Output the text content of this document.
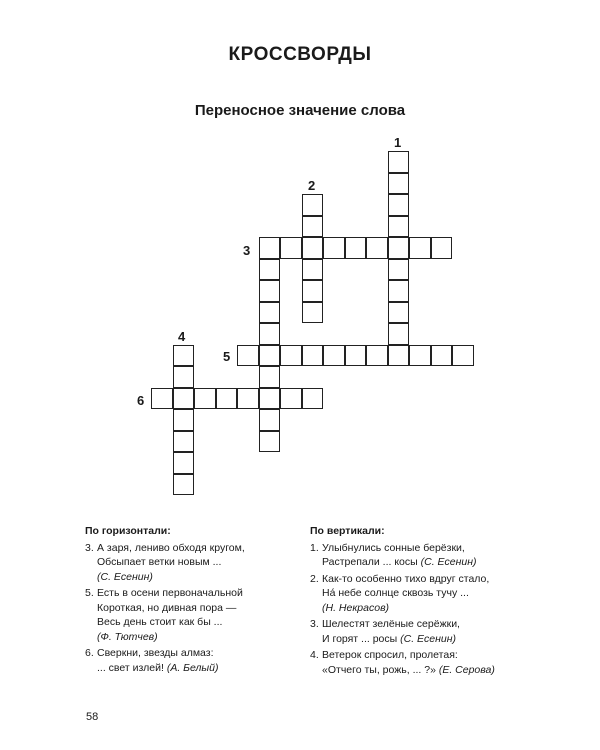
КРОССВОРДЫ
Переносное значение слова
1
2
3
4
5
6
По горизонтали:
3. А заря, лениво обходя кругом,
Обсыпает ветки новым ...
(С. Есенин)
5. Есть в осени первоначальной
Короткая, но дивная пора —
Весь день стоит как бы ...
(Ф. Тютчев)
6. Сверкни, звезды алмаз:
... свет излей! (А. Белый)
По вертикали:
1. Улыбнулись сонные берёзки,
Растрепали ... косы (С. Есенин)
2. Как-то особенно тихо вдруг стало,
На́ небе солнце сквозь тучу ...
(Н. Некрасов)
3. Шелестят зелёные серёжки,
И горят ... росы (С. Есенин)
4. Ветерок спросил, пролетая:
«Отчего ты, рожь, ... ?» (Е. Серова)
58
